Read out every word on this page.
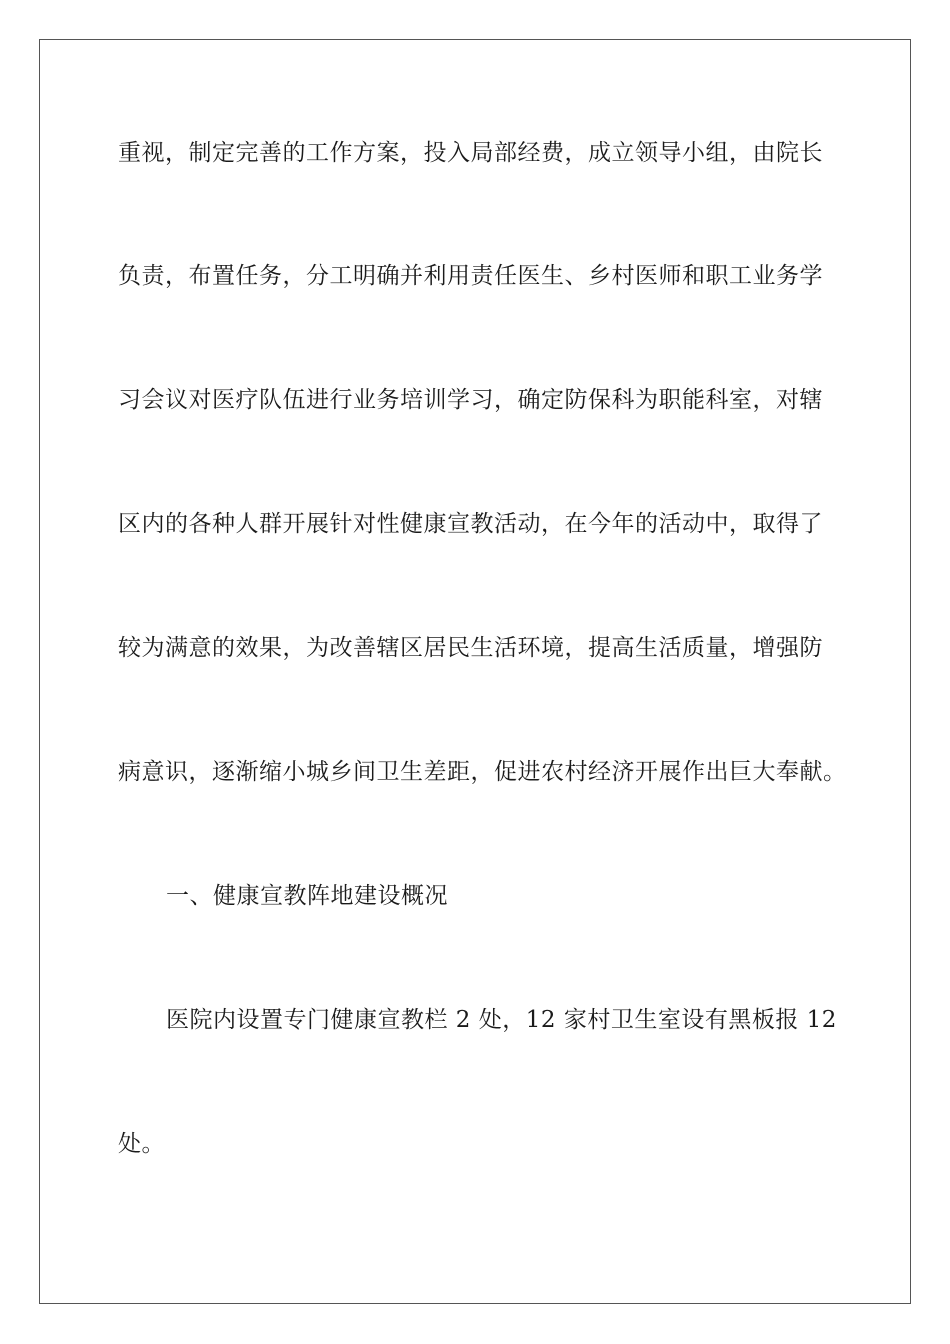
重视，制定完善的工作方案，投入局部经费，成立领导小组，由院长
负责，布置任务，分工明确并利用责任医生、乡村医师和职工业务学
习会议对医疗队伍进行业务培训学习，确定防保科为职能科室，对辖
区内的各种人群开展针对性健康宣教活动，在今年的活动中，取得了
较为满意的效果，为改善辖区居民生活环境，提高生活质量，增强防
病意识，逐渐缩小城乡间卫生差距，促进农村经济开展作出巨大奉献。
一、健康宣教阵地建设概况
医院内设置专门健康宣教栏 2 处，12 家村卫生室设有黑板报 12
处。
